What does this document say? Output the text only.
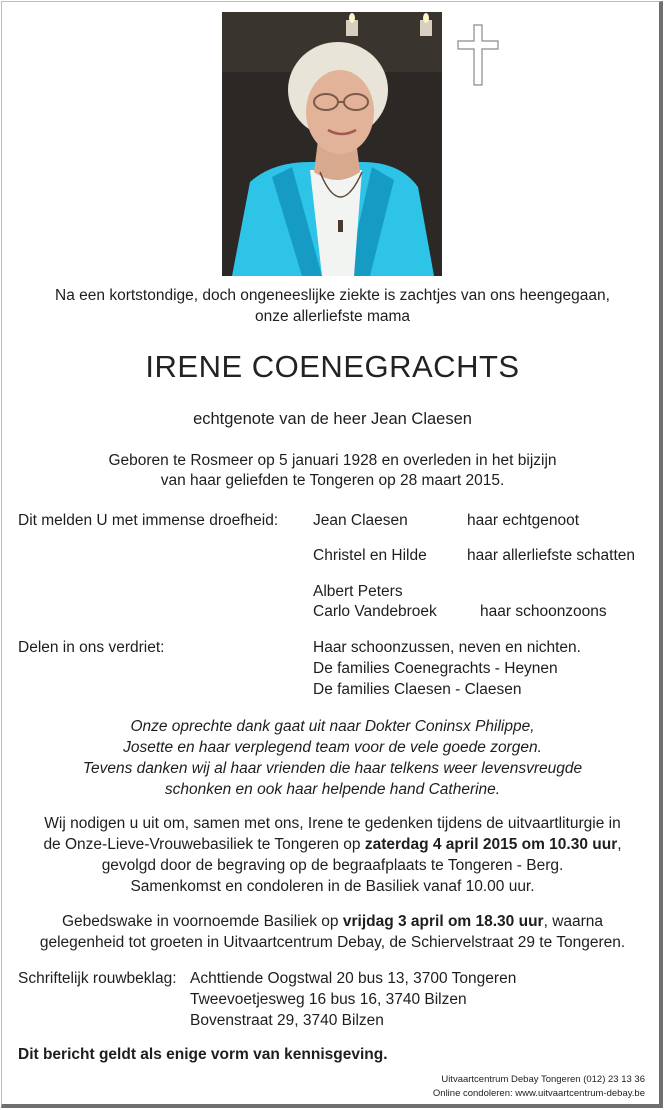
Na een kortstondige, doch ongeneeslijke ziekte is zachtjes van ons heengegaan,
onze allerliefste mama
IRENE COENEGRACHTS
echtgenote van de heer Jean Claesen
Geboren te Rosmeer op 5 januari 1928 en overleden in het bijzijn
van haar geliefden te Tongeren op 28 maart 2015.
Dit melden U met immense droefheid: Jean Claesen	haar echtgenoot
Christel en Hilde	haar allerliefste schatten
Albert Peters
Carlo Vandebroek	haar schoonzoons
Delen in ons verdriet:	Haar schoonzussen, neven en nichten.
De families Coenegrachts - Heynen
De families Claesen - Claesen
Onze oprechte dank gaat uit naar Dokter Coninsx Philippe,
Josette en haar verplegend team voor de vele goede zorgen.
Tevens danken wij al haar vrienden die haar telkens weer levensvreugde
schonken en ook haar helpende hand Catherine.
Wij nodigen u uit om, samen met ons, Irene te gedenken tijdens de uitvaartliturgie in
de Onze-Lieve-Vrouwebasiliek te Tongeren op zaterdag 4 april 2015 om 10.30 uur,
gevolgd door de begraving op de begraafplaats te Tongeren - Berg.
Samenkomst en condoleren in de Basiliek vanaf 10.00 uur.
Gebedswake in voornoemde Basiliek op vrijdag 3 april om 18.30 uur, waarna
gelegenheid tot groeten in Uitvaartcentrum Debay, de Schiervelstraat 29 te Tongeren.
Schriftelijk rouwbeklag: Achttiende Oogstwal 20 bus 13, 3700 Tongeren
Tweevoetjesweg 16 bus 16, 3740 Bilzen
Bovenstraat 29, 3740 Bilzen
Dit bericht geldt als enige vorm van kennisgeving.
Uitvaartcentrum Debay Tongeren (012) 23 13 36
Online condoleren: www.uitvaartcentrum-debay.be
